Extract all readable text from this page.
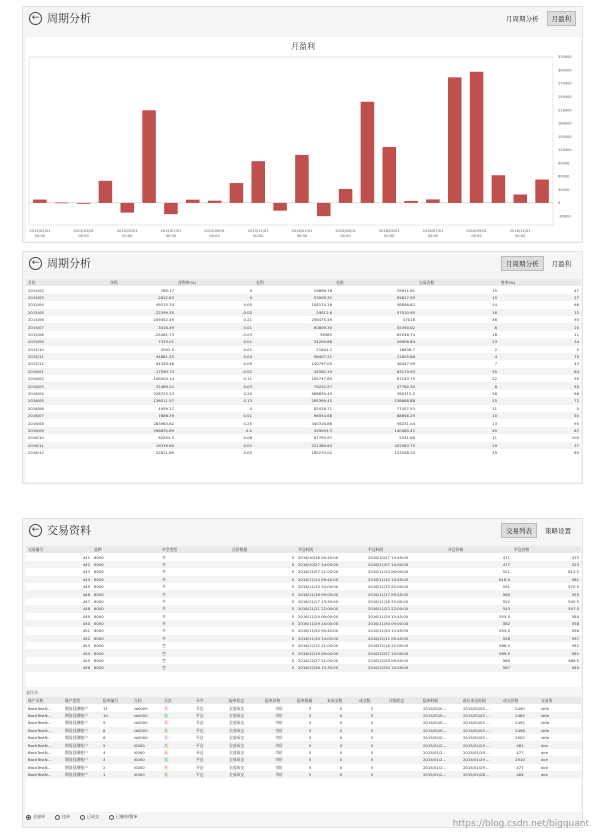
← 周期分析	月周期分析	月盈利
月盈利
-30000
0
30000
60000
90000
120000
150000
180000
210000
240000
270000
300000
330000
2015/01/01
00:00
2015/03/01
00:00
2015/05/01
00:00
2015/07/01
00:00
2015/09/01
00:00
2015/11/01
00:00
2016/01/01
00:00
2016/03/01
00:00
2016/05/01
00:00
2016/07/01
00:00
2016/09/01
00:00
2016/11/01
00:00
← 周期分析	月周期分析	月盈利
月份	净利	净利率(%)	毛利	毛损	交易次数	胜率(%)
2015/02	785.17	0	29896.78	29911.61	15	47
2015/03	-2812.83	0	53009.32	55817.95	15	27
2015/04	49270.34	0.05	108174.16	58898.82	34	68
2015/05	-22399.35	-0.02	34011.6	57010.95	16	12
2015/06	209452.49	0.21	256475.49	47018	56	93
2015/07	3418.49	0.01	60809.30	55390.82	8	20
2015/08	-25461.73	-0.03	36385	62046.74	18	11
2015/09	7333.01	0.01	34209.86	26906.84	13	34
2015/10	5002.5	0.01	21641.2	16638.7	2	0
2015/11	44881.35	0.04	56407.21	11605.86	4	75
2015/12	94349.46	0.09	140797.05	46447.59	7	43
2016/01	-17590.74	-0.02	45580.19	63170.93	35	84
2016/02	108504.14	0.11	195747.89	87243.75	22	95
2016/03	31469.22	0.03	79232.57	47782.35	8	50
2016/04	228723.23	0.20	588839.43	360112.2	38	66
2016/05	126511.57	0.13	265399.45	138888.88	25	72
2016/06	4459.17	0	82026.71	77457.53	11	0
2016/07	7886.39	0.01	96554.68	88658.29	10	50
2016/08	283983.82	0.25	340316.86	56231.04	13	95
2016/09	296632.89	0.2	439093.3	140460.41	45	87
2016/10	62552.3	0.06	67793.97	5241.68	11	100
2016/11	19316.89	0.02	221389.64	202083.75	19	37
2016/12	52811.69	0.05	185270.02	133258.33	19	60
← 交易资料	交易列表	策略设置
交易编号	品种	多空类型	点价数量	开仓时间	平仓时间	开仓价格	平仓价格
441	6000	多	5	2016/10/26 09:45:00	2016/10/27 13:45:00	471	473
442	6000	多	5	2016/10/27 14:00:00	2016/11/07 14:00:00	477	523
443	6000	多	5	2016/11/07 21:00:00	2016/11/14 09:00:00	521	613.5
444	6000	多	5	2016/11/14 09:45:00	2016/11/15 13:45:00	616.5	581
445	6000	多	5	2016/11/15 14:00:00	2016/11/15 22:00:00	591	570.5
446	6000	多	5	2016/11/16 09:00:00	2016/11/17 09:45:00	560	555
447	6000	多	5	2016/11/17 13:30:00	2016/11/18 22:00:00	552	540.5
448	6000	多	5	2016/11/21 22:00:00	2016/11/22 22:00:00	543	547.5
449	6000	多	5	2016/11/24 09:00:00	2016/11/29 13:45:00	555.5	584
450	6000	多	5	2016/11/29 14:00:00	2016/11/30 09:00:00	582	558
451	6000	多	5	2016/11/30 09:45:00	2016/11/30 13:45:00	559.5	556
452	6000	多	5	2016/11/30 14:00:00	2016/12/12 09:45:00	556	597
453	6000	空	5	2016/12/12 21:00:00	2016/12/16 22:00:00	586.5	582
454	6000	空	5	2016/12/19 09:00:00	2016/12/27 14:00:00	589.5	562
455	6000	空	5	2016/12/27 21:00:00	2016/12/28 09:45:00	560	566.5
456	6000	空	5	2016/12/28 13:30:00	2016/12/30 14:59:00	567	549
委托单
账户名称	账户类型	报单编号	合约	买卖	开平	报单状态	报单价格	报单数量	未成交数	成交数	详细状态	报单时间	最后成交时间	成交价格	交易所
BackTestN...	期货回测账户	11	rb0000	买	开仓	全部成交	市价	3	0	3		2015/02/0...	2015/02/03 ...	2490	shfe
BackTestN...	期货回测账户	10	rb0000	卖	平仓	全部成交	市价	3	0	3		2015/02/0...	2015/02/03 ...	2485	shfe
BackTestN...	期货回测账户	9	rb0000	买	开仓	全部成交	市价	3	0	3		2015/02/0...	2015/02/03 ...	2492	shfe
BackTestN...	期货回测账户	8	rb0000	卖	平仓	全部成交	市价	3	0	3		2015/02/0...	2015/02/03 ...	2498	shfe
BackTestN...	期货回测账户	6	rb0000	买	开仓	全部成交	市价	3	0	3		2015/02/0...	2015/02/03 ...	2502	shfe
BackTestN...	期货回测账户	5	i0000	卖	平仓	全部成交	市价	5	0	5		2015/01/2...	2015/01/29 ...	481	dce
BackTestN...	期货回测账户	4	i0000	买	开仓	全部成交	市价	5	0	5		2015/01/2...	2015/01/29 ...	477	dce
BackTestN...	期货回测账户	3	i0000	卖	平仓	全部成交	市价	5	0	5		2015/01/2...	2015/01/29 ...	2510	dce
BackTestN...	期货回测账户	2	i0000	买	开仓	全部成交	市价	5	0	5		2015/01/2...	2015/01/29 ...	477	dce
BackTestN...	期货回测账户	1	i0000	卖	平仓	全部成交	市价	5	0	5		2015/01/2...	2015/01/28 ...	484	dce
全部单	挂单	已成交	已撤单/错单
https://blog.csdn.net/bigquant
